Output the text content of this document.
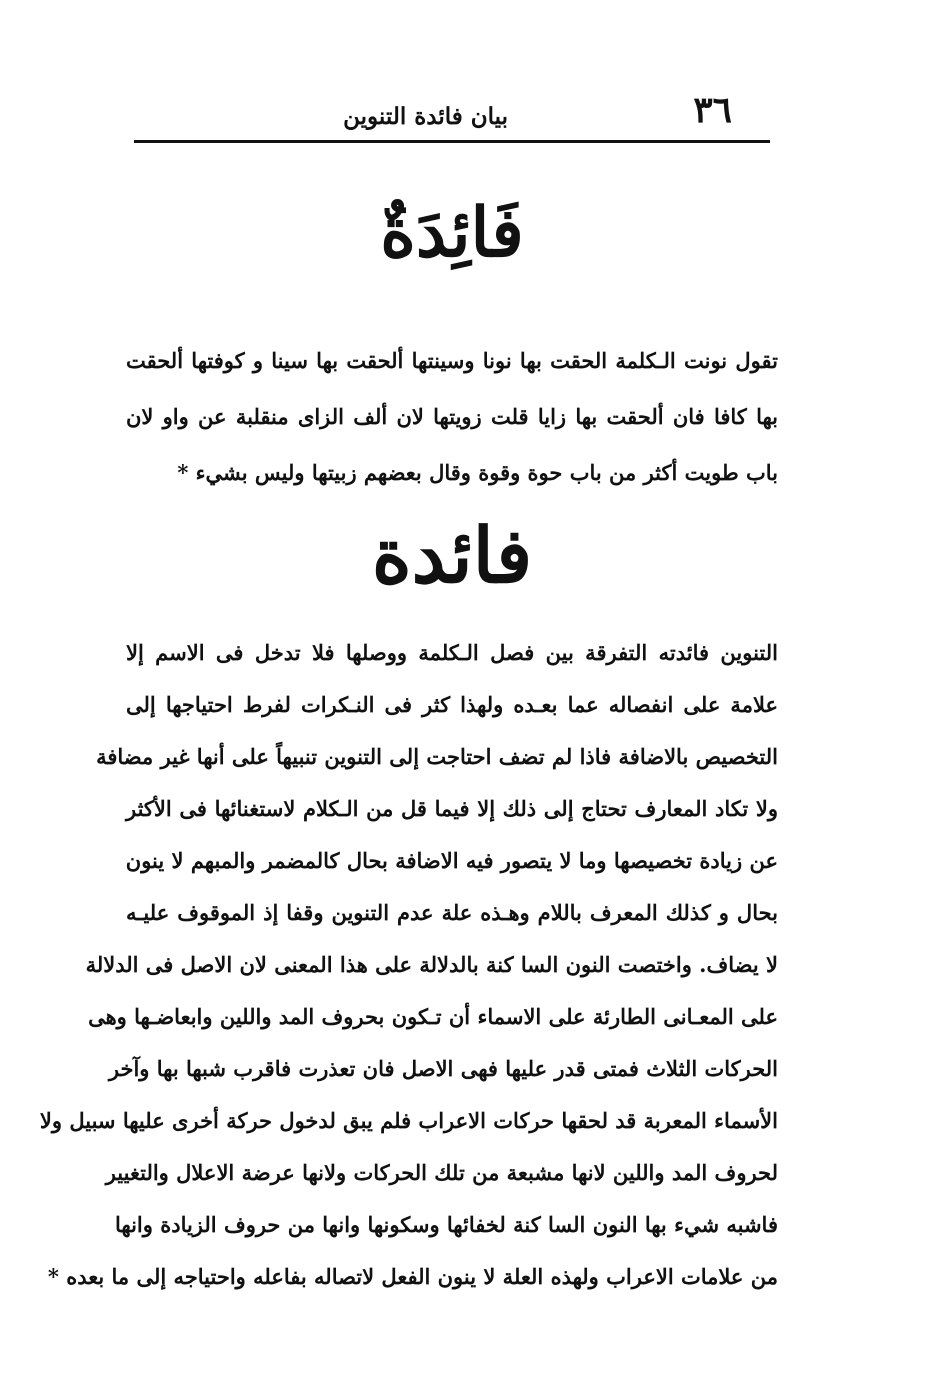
٣٦
بيان فائدة التنوين
فَائِدَةٌ
تقول نونت الـكلمة الحقت بها نونا وسينتها ألحقت بها سينا و كوفتها ألحقت
بها كافا فان ألحقت بها زايا قلت زويتها لان ألف الزاى منقلبة عن واو لان
باب طويت أكثر من باب حوة وقوة وقال بعضهم زبيتها وليس بشيء *
فائدة
التنوين فائدته التفرقة بين فصل الـكلمة ووصلها فلا تدخل فى الاسم إلا
علامة على انفصاله عما بعـده ولهذا كثر فى النـكرات لفرط احتياجها إلى
التخصيص بالاضافة فاذا لم تضف احتاجت إلى التنوين تنبيهاً على أنها غير مضافة
ولا تكاد المعارف تحتاج إلى ذلك إلا فيما قل من الـكلام لاستغنائها فى الأكثر
عن زيادة تخصيصها وما لا يتصور فيه الاضافة بحال كالمضمر والمبهم لا ينون
بحال و كذلك المعرف باللام وهـذه علة عدم التنوين وقفا إذ الموقوف عليـه
لا يضاف. واختصت النون السا كنة بالدلالة على هذا المعنى لان الاصل فى الدلالة
على المعـانى الطارئة على الاسماء أن تـكون بحروف المد واللين وابعاضـها وهى
الحركات الثلاث فمتى قدر عليها فهى الاصل فان تعذرت فاقرب شبها بها وآخر
الأسماء المعربة قد لحقها حركات الاعراب فلم يبق لدخول حركة أخرى عليها سبيل ولا
لحروف المد واللين لانها مشبعة من تلك الحركات ولانها عرضة الاعلال والتغيير
فاشبه شيء بها النون السا كنة لخفائها وسكونها وانها من حروف الزيادة وانها
من علامات الاعراب ولهذه العلة لا ينون الفعل لاتصاله بفاعله واحتياجه إلى ما بعده *
